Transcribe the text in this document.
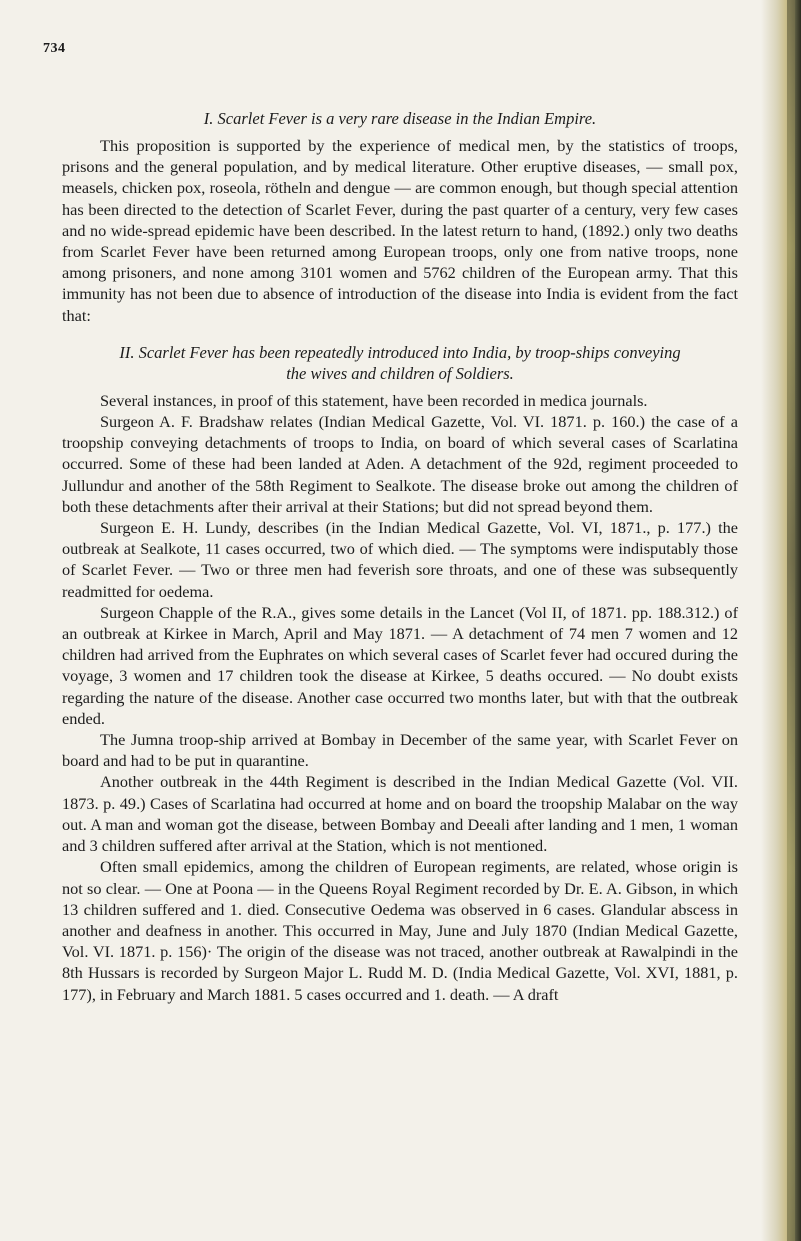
734
I. Scarlet Fever is a very rare disease in the Indian Empire.

This proposition is supported by the experience of medical men, by the statistics of troops, prisons and the general population, and by medical literature. Other eruptive diseases, — small pox, measels, chicken pox, roseola, rötheln and dengue — are common enough, but though special attention has been directed to the detection of Scarlet Fever, during the past quarter of a century, very few cases and no wide-spread epidemic have been described. In the latest return to hand, (1892.) only two deaths from Scarlet Fever have been returned among European troops, only one from native troops, none among prisoners, and none among 3101 women and 5762 children of the European army. That this immunity has not been due to absence of introduction of the disease into India is evident from the fact that:

II. Scarlet Fever has been repeatedly introduced into India, by troop-ships conveying
the wives and children of Soldiers.

Several instances, in proof of this statement, have been recorded in medica journals.

Surgeon A. F. Bradshaw relates (Indian Medical Gazette, Vol. VI. 1871. p. 160.) the case of a troopship conveying detachments of troops to India, on board of which several cases of Scarlatina occurred. Some of these had been landed at Aden. A detachment of the 92d, regiment proceeded to Jullundur and another of the 58th Regiment to Sealkote. The disease broke out among the children of both these detachments after their arrival at their Stations; but did not spread beyond them.

Surgeon E. H. Lundy, describes (in the Indian Medical Gazette, Vol. VI, 1871., p. 177.) the outbreak at Sealkote, 11 cases occurred, two of which died. — The symptoms were indisputably those of Scarlet Fever. — Two or three men had feverish sore throats, and one of these was subsequently readmitted for oedema.

Surgeon Chapple of the R.A., gives some details in the Lancet (Vol II, of 1871. pp. 188.312.) of an outbreak at Kirkee in March, April and May 1871. — A detachment of 74 men 7 women and 12 children had arrived from the Euphrates on which several cases of Scarlet fever had occured during the voyage, 3 women and 17 children took the disease at Kirkee, 5 deaths occured. — No doubt exists regarding the nature of the disease. Another case occurred two months later, but with that the outbreak ended.

The Jumna troop-ship arrived at Bombay in December of the same year, with Scarlet Fever on board and had to be put in quarantine.

Another outbreak in the 44th Regiment is described in the Indian Medical Gazette (Vol. VII. 1873. p. 49.) Cases of Scarlatina had occurred at home and on board the troopship Malabar on the way out. A man and woman got the disease, between Bombay and Deeali after landing and 1 men, 1 woman and 3 children suffered after arrival at the Station, which is not mentioned.

Often small epidemics, among the children of European regiments, are related, whose origin is not so clear. — One at Poona — in the Queens Royal Regiment recorded by Dr. E. A. Gibson, in which 13 children suffered and 1. died. Consecutive Oedema was observed in 6 cases. Glandular abscess in another and deafness in another. This occurred in May, June and July 1870 (Indian Medical Gazette, Vol. VI. 1871. p. 156)· The origin of the disease was not traced, another outbreak at Rawalpindi in the 8th Hussars is recorded by Surgeon Major L. Rudd M. D. (India Medical Gazette, Vol. XVI, 1881, p. 177), in February and March 1881. 5 cases occurred and 1. death. — A draft
